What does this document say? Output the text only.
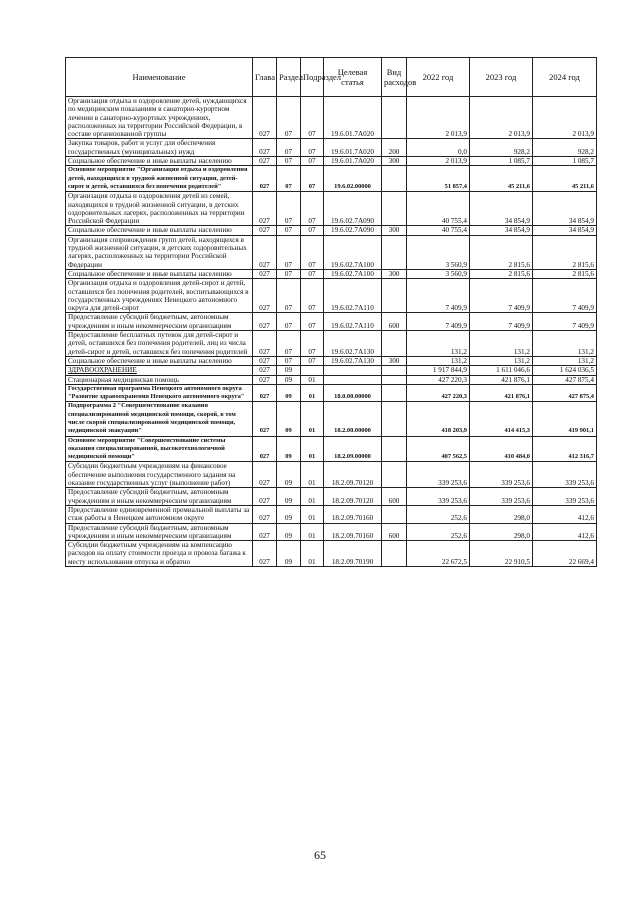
Наименование	Глава	Раздел	Подраздел	Целевая статья	Вид расходов	2022 год	2023 год	2024 год
Организация отдыха и оздоровление детей, нуждающихся по медицинским показаниям в санаторно-курортном лечении в санаторно-курортных учреждениях, расположенных на территории Российской Федерации, в составе организованной группы	027	07	07	19.6.01.7А020		2 013,9	2 013,9	2 013,9
Закупка товаров, работ и услуг для обеспечения государственных (муниципальных) нужд	027	07	07	19.6.01.7А020	200	0,0	928,2	928,2
Социальное обеспечение и иные выплаты населению	027	07	07	19.6.01.7А020	300	2 013,9	1 085,7	1 085,7
Основное мероприятие "Организация отдыха и оздоровления детей, находящихся в трудной жизненной ситуации, детей-сирот и детей, оставшихся без попечения родителей"	027	07	07	19.6.02.00000		51 857,4	45 211,6	45 211,6
Организация отдыха и оздоровления детей из семей, находящихся в трудной жизненной ситуации, в детских оздоровительных лагерях, расположенных на территории Российской Федерации	027	07	07	19.6.02.7А090		40 755,4	34 854,9	34 854,9
Социальное обеспечение и иные выплаты населению	027	07	07	19.6.02.7А090	300	40 755,4	34 854,9	34 854,9
Организация сопровождения групп детей, находящихся в трудной жизненной ситуации, в детских оздоровительных лагерях, расположенных на территории Российской Федерации	027	07	07	19.6.02.7А100		3 560,9	2 815,6	2 815,6
Социальное обеспечение и иные выплаты населению	027	07	07	19.6.02.7А100	300	3 560,9	2 815,6	2 815,6
Организация отдыха и оздоровления детей-сирот и детей, оставшихся без попечения родителей, воспитывающихся в государственных учреждениях Ненецкого автономного округа для детей-сирот	027	07	07	19.6.02.7А110		7 409,9	7 409,9	7 409,9
Предоставление субсидий бюджетным, автономным учреждениям и иным некоммерческим организациям	027	07	07	19.6.02.7А110	600	7 409,9	7 409,9	7 409,9
Предоставление бесплатных путевок для детей-сирот и детей, оставшихся без попечения родителей, лиц из числа детей-сирот и детей, оставшихся без попечения родителей	027	07	07	19.6.02.7А130		131,2	131,2	131,2
Социальное обеспечение и иные выплаты населению	027	07	07	19.6.02.7А130	300	131,2	131,2	131,2
ЗДРАВООХРАНЕНИЕ	027	09				1 917 844,9	1 611 046,6	1 624 036,5
Стационарная медицинская помощь	027	09	01			427 220,3	421 876,1	427 875,4
Государственная программа Ненецкого автономного округа "Развитие здравоохранения Ненецкого автономного округа"	027	09	01	18.0.00.00000		427 220,3	421 876,1	427 875,4
Подпрограмма 2 "Совершенствование оказания специализированной медицинской помощи, скорой, в том числе скорой специализированной медицинской помощи, медицинской эвакуации"	027	09	01	18.2.00.00000		418 203,9	414 415,3	419 901,1
Основное мероприятие "Совершенствование системы оказания специализированной, высокотехнологичной медицинской помощи"	027	09	01	18.2.09.00000		407 562,5	410 484,0	412 316,7
Субсидии бюджетным учреждениям на финансовое обеспечение выполнения государственного задания на оказание государственных услуг (выполнение работ)	027	09	01	18.2.09.70120		339 253,6	339 253,6	339 253,6
Предоставление субсидий бюджетным, автономным учреждениям и иным некоммерческим организациям	027	09	01	18.2.09.70120	600	339 253,6	339 253,6	339 253,6
Предоставление единовременной премиальной выплаты за стаж работы в Ненецком автономном округе	027	09	01	18.2.09.70160		252,6	298,0	412,6
Предоставление субсидий бюджетным, автономным учреждениям и иным некоммерческим организациям	027	09	01	18.2.09.70160	600	252,6	298,0	412,6
Субсидии бюджетным учреждениям на компенсацию расходов на оплату стоимости проезда и провоза багажа к месту использования отпуска и обратно	027	09	01	18.2.09.70190		22 672,5	22 910,5	22 669,4
65
